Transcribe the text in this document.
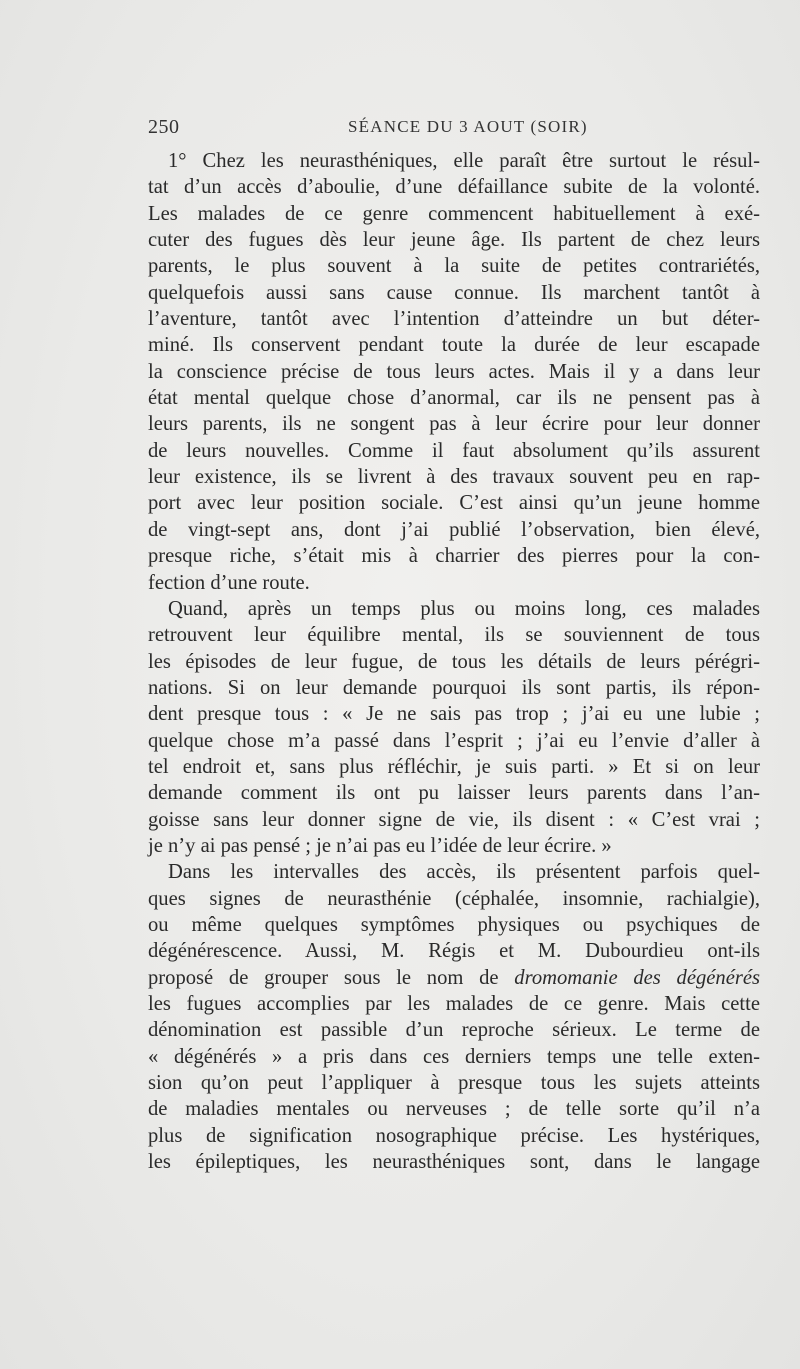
250	SÉANCE DU 3 AOUT (SOIR)
1° Chez les neurasthéniques, elle paraît être surtout le résul-
tat d’un accès d’aboulie, d’une défaillance subite de la volonté.
Les malades de ce genre commencent habituellement à exé-
cuter des fugues dès leur jeune âge. Ils partent de chez leurs
parents, le plus souvent à la suite de petites contrariétés,
quelquefois aussi sans cause connue. Ils marchent tantôt à
l’aventure, tantôt avec l’intention d’atteindre un but déter-
miné. Ils conservent pendant toute la durée de leur escapade
la conscience précise de tous leurs actes. Mais il y a dans leur
état mental quelque chose d’anormal, car ils ne pensent pas à
leurs parents, ils ne songent pas à leur écrire pour leur donner
de leurs nouvelles. Comme il faut absolument qu’ils assurent
leur existence, ils se livrent à des travaux souvent peu en rap-
port avec leur position sociale. C’est ainsi qu’un jeune homme
de vingt-sept ans, dont j’ai publié l’observation, bien élevé,
presque riche, s’était mis à charrier des pierres pour la con-
fection d’une route.
Quand, après un temps plus ou moins long, ces malades
retrouvent leur équilibre mental, ils se souviennent de tous
les épisodes de leur fugue, de tous les détails de leurs pérégri-
nations. Si on leur demande pourquoi ils sont partis, ils répon-
dent presque tous : « Je ne sais pas trop ; j’ai eu une lubie ;
quelque chose m’a passé dans l’esprit ; j’ai eu l’envie d’aller à
tel endroit et, sans plus réfléchir, je suis parti. » Et si on leur
demande comment ils ont pu laisser leurs parents dans l’an-
goisse sans leur donner signe de vie, ils disent : « C’est vrai ;
je n’y ai pas pensé ; je n’ai pas eu l’idée de leur écrire. »
Dans les intervalles des accès, ils présentent parfois quel-
ques signes de neurasthénie (céphalée, insomnie, rachialgie),
ou même quelques symptômes physiques ou psychiques de
dégénérescence. Aussi, M. Régis et M. Dubourdieu ont-ils
proposé de grouper sous le nom de dromomanie des dégénérés
les fugues accomplies par les malades de ce genre. Mais cette
dénomination est passible d’un reproche sérieux. Le terme de
« dégénérés » a pris dans ces derniers temps une telle exten-
sion qu’on peut l’appliquer à presque tous les sujets atteints
de maladies mentales ou nerveuses ; de telle sorte qu’il n’a
plus de signification nosographique précise. Les hystériques,
les épileptiques, les neurasthéniques sont, dans le langage
